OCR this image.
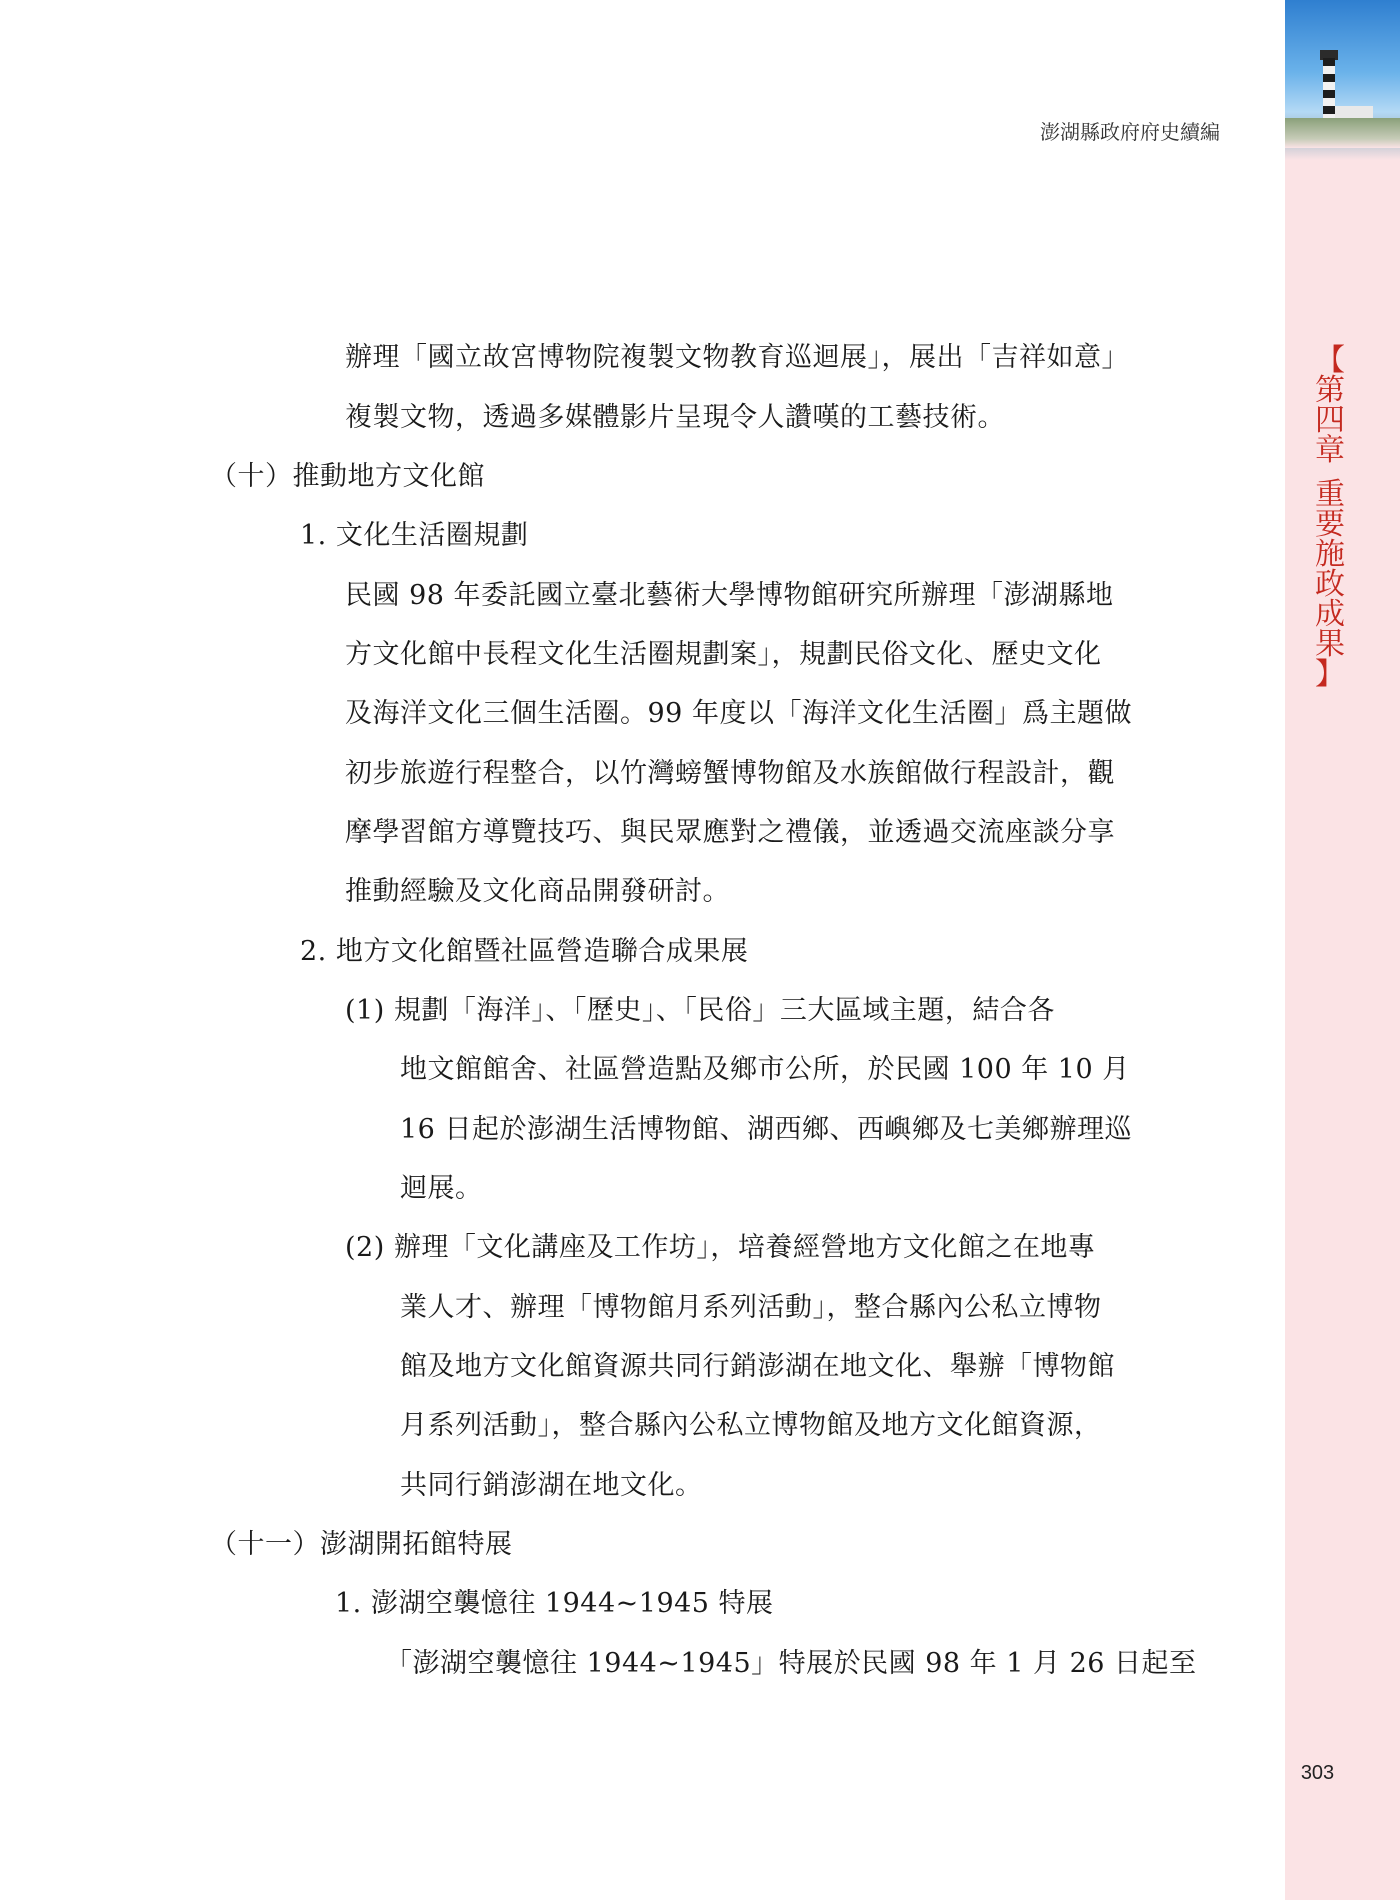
【
第
四
章
重
要
施
政
成
果
】
澎湖縣政府府史續編
303
辦理「國立故宮博物院複製文物教育巡迴展」，展出「吉祥如意」
複製文物，透過多媒體影片呈現令人讚嘆的工藝技術。
（十）推動地方文化館
1. 文化生活圈規劃
民國 98 年委託國立臺北藝術大學博物館研究所辦理「澎湖縣地
方文化館中長程文化生活圈規劃案」，規劃民俗文化、歷史文化
及海洋文化三個生活圈。99 年度以「海洋文化生活圈」爲主題做
初步旅遊行程整合，以竹灣螃蟹博物館及水族館做行程設計，觀
摩學習館方導覽技巧、與民眾應對之禮儀，並透過交流座談分享
推動經驗及文化商品開發研討。
2. 地方文化館暨社區營造聯合成果展
(1) 規劃「海洋」、「歷史」、「民俗」三大區域主題，結合各
地文館館舍、社區營造點及鄉市公所，於民國 100 年 10 月
16 日起於澎湖生活博物館、湖西鄉、西嶼鄉及七美鄉辦理巡
迴展。
(2) 辦理「文化講座及工作坊」，培養經營地方文化館之在地專
業人才、辦理「博物館月系列活動」，整合縣內公私立博物
館及地方文化館資源共同行銷澎湖在地文化、舉辦「博物館
月系列活動」，整合縣內公私立博物館及地方文化館資源，
共同行銷澎湖在地文化。
（十一）澎湖開拓館特展
1. 澎湖空襲憶往 1944~1945 特展
「澎湖空襲憶往 1944~1945」特展於民國 98 年 1 月 26 日起至
